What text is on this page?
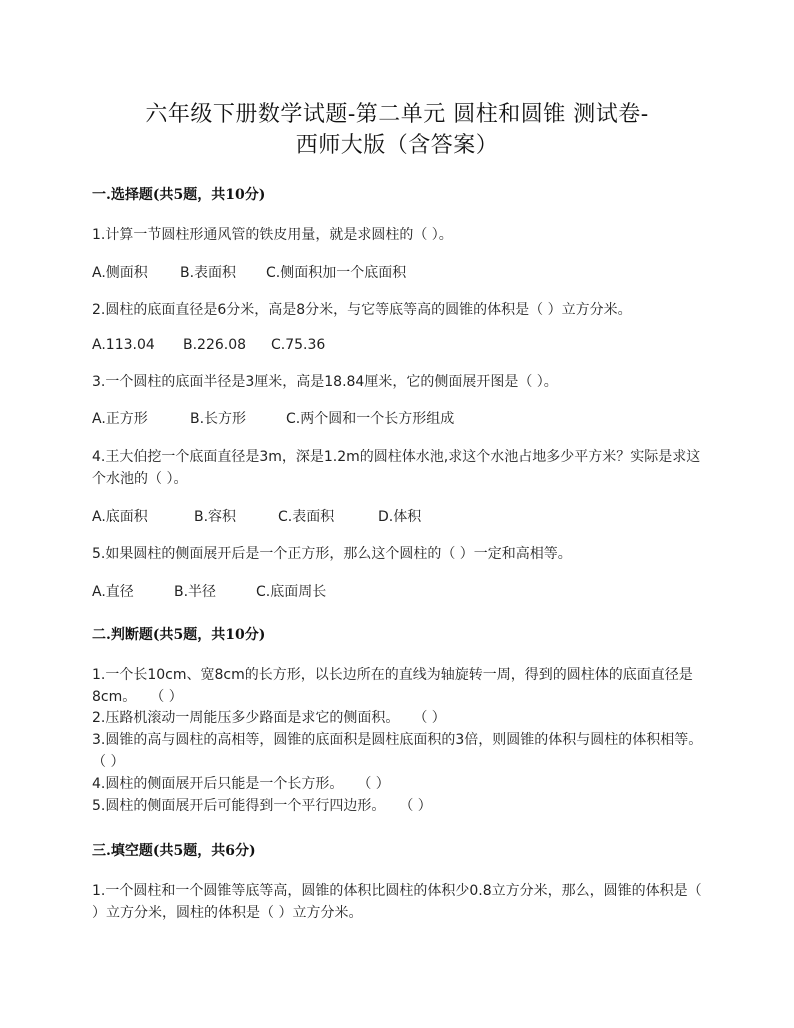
六年级下册数学试题-第二单元 圆柱和圆锥 测试卷-
西师大版（含答案）
一.选择题(共5题，共10分)
1.计算一节圆柱形通风管的铁皮用量，就是求圆柱的（ ）。
A.侧面积 B.表面积 C.侧面积加一个底面积
2.圆柱的底面直径是6分米，高是8分米，与它等底等高的圆锥的体积是（ ）立方分米。
A.113.04 B.226.08 C.75.36
3.一个圆柱的底面半径是3厘米，高是18.84厘米，它的侧面展开图是（ ）。
A.正方形	B.长方形	C.两个圆和一个长方形组成
4.王大伯挖一个底面直径是3m，深是1.2m的圆柱体水池,求这个水池占地多少平方米？实际是求这个水池的（ ）。
A.底面积	B.容积	C.表面积	D.体积
5.如果圆柱的侧面展开后是一个正方形，那么这个圆柱的（ ）一定和高相等。
A.直径	B.半径	C.底面周长
二.判断题(共5题，共10分)
1.一个长10cm、宽8cm的长方形，以长边所在的直线为轴旋转一周，得到的圆柱体的底面直径是8cm。　　（ ）
2.压路机滚动一周能压多少路面是求它的侧面积。　　（ ）
3.圆锥的高与圆柱的高相等，圆锥的底面积是圆柱底面积的3倍，则圆锥的体积与圆柱的体积相等。　　（ ）
4.圆柱的侧面展开后只能是一个长方形。　　（ ）
5.圆柱的侧面展开后可能得到一个平行四边形。　　（ ）
三.填空题(共5题，共6分)
1.一个圆柱和一个圆锥等底等高，圆锥的体积比圆柱的体积少0.8立方分米，那么，圆锥的体积是（ ）立方分米，圆柱的体积是（ ）立方分米。
